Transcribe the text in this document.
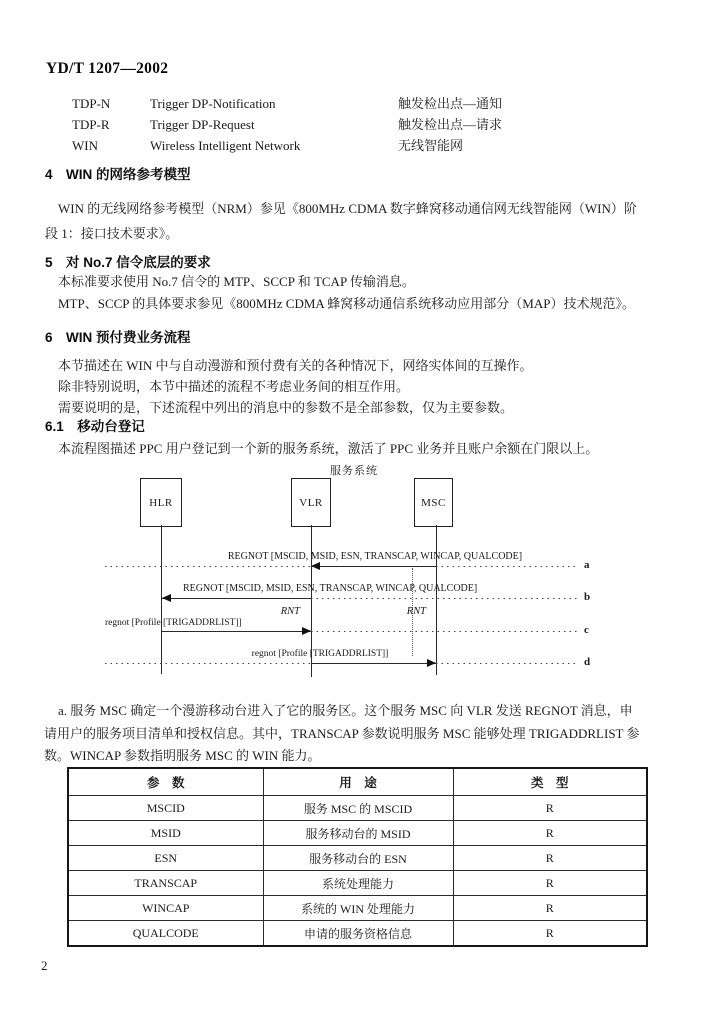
YD/T 1207—2002
TDP-N	Trigger DP-Notification	触发检出点—通知
TDP-R	Trigger DP-Request	触发检出点—请求
WIN	Wireless Intelligent Network	无线智能网
4　WIN 的网络参考模型
WIN 的无线网络参考模型（NRM）参见《800MHz CDMA 数字蜂窝移动通信网无线智能网（WIN）阶
段 1：接口技术要求》。
5　对 No.7 信令底层的要求
本标准要求使用 No.7 信令的 MTP、SCCP 和 TCAP 传输消息。
MTP、SCCP 的具体要求参见《800MHz CDMA 蜂窝移动通信系统移动应用部分（MAP）技术规范》。
6　WIN 预付费业务流程
本节描述在 WIN 中与自动漫游和预付费有关的各种情况下，网络实体间的互操作。
除非特别说明，本节中描述的流程不考虑业务间的相互作用。
需要说明的是，下述流程中列出的消息中的参数不是全部参数，仅为主要参数。
6.1　移动台登记
本流程图描述 PPC 用户登记到一个新的服务系统，激活了 PPC 业务并且账户余额在门限以上。
服务系统
HLR	VLR	MSC
REGNOT [MSCID, MSID, ESN, TRANSCAP, WINCAP, QUALCODE]
a
REGNOT [MSCID, MSID, ESN, TRANSCAP, WINCAP, QUALCODE]
b
RNT	RNT
regnot [Profile [TRIGADDRLIST]]
c
regnot [Profile [TRIGADDRLIST]]
d
a. 服务 MSC 确定一个漫游移动台进入了它的服务区。这个服务 MSC 向 VLR 发送 REGNOT 消息，申
请用户的服务项目清单和授权信息。其中，TRANSCAP 参数说明服务 MSC 能够处理 TRIGADDRLIST 参
数。WINCAP 参数指明服务 MSC 的 WIN 能力。
参　数	用　途	类　型
MSCID	服务 MSC 的 MSCID	R
MSID	服务移动台的 MSID	R
ESN	服务移动台的 ESN	R
TRANSCAP	系统处理能力	R
WINCAP	系统的 WIN 处理能力	R
QUALCODE	申请的服务资格信息	R
2
